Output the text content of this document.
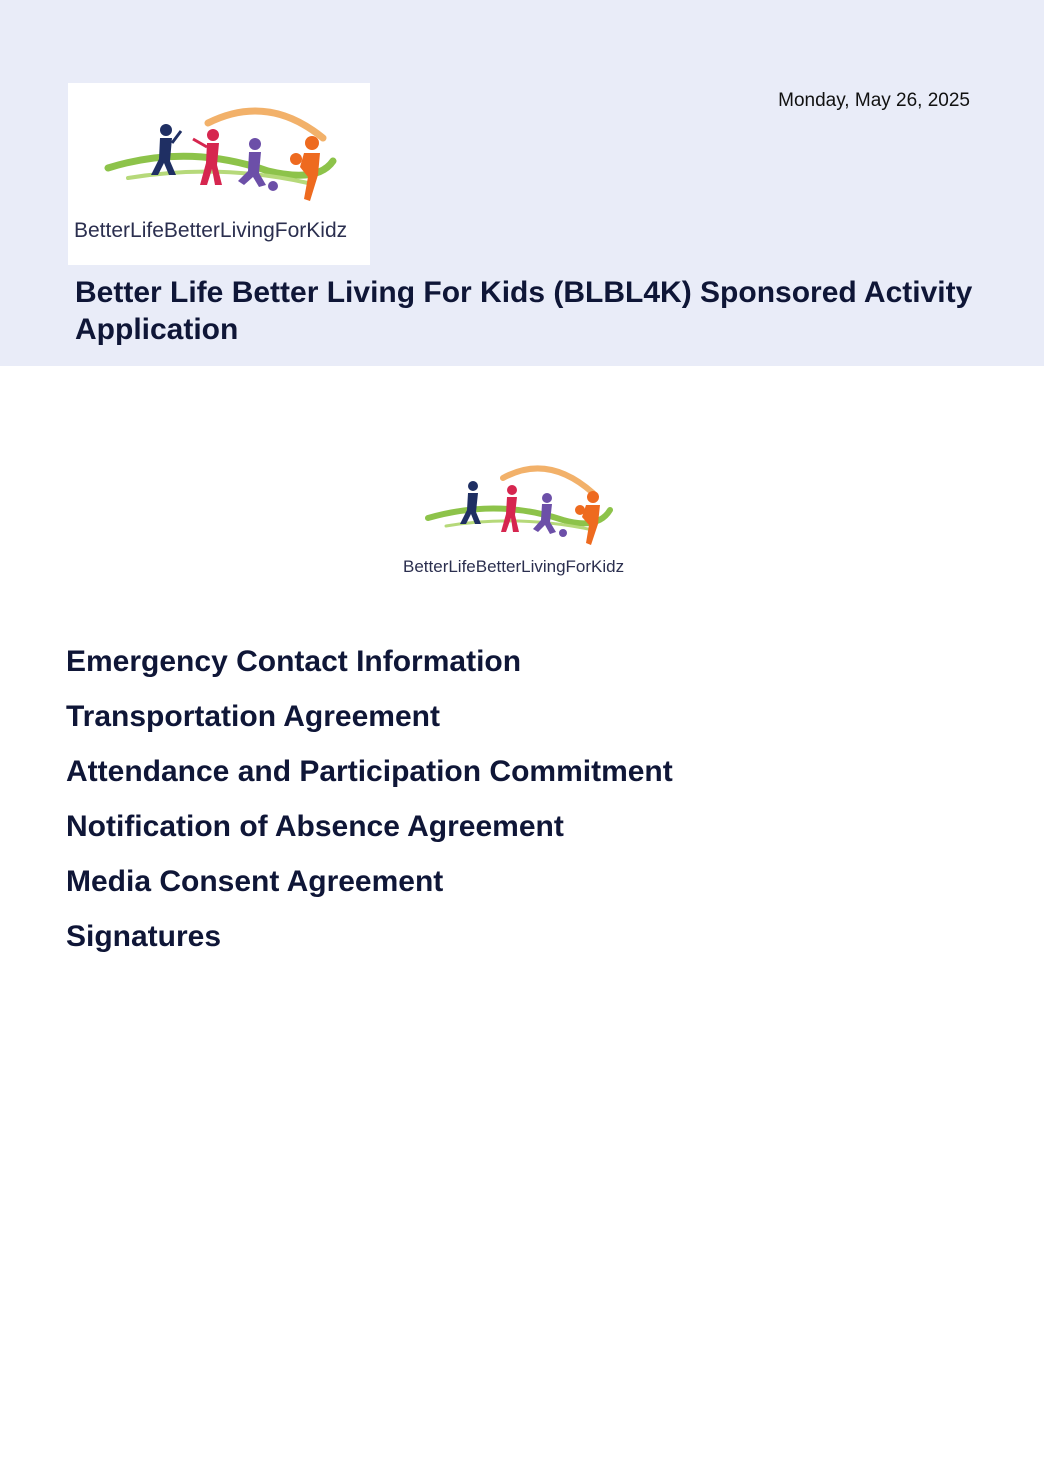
BetterLifeBetterLivingForKidz
Monday, May 26, 2025
Better Life Better Living For Kids (BLBL4K) Sponsored Activity Application
BetterLifeBetterLivingForKidz
Emergency Contact Information
Transportation Agreement
Attendance and Participation Commitment
Notification of Absence Agreement
Media Consent Agreement
Signatures
